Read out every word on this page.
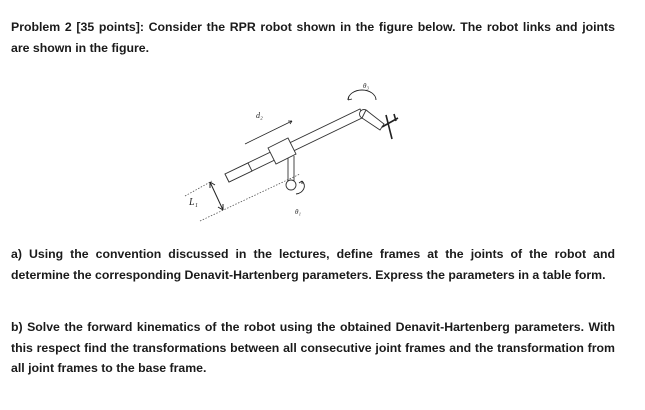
Problem 2 [35 points]: Consider the RPR robot shown in the figure below. The robot links and joints are shown in the figure.
d₂
θ₃
θ₁
L₁
a) Using the convention discussed in the lectures, define frames at the joints of the robot and determine the corresponding Denavit-Hartenberg parameters. Express the parameters in a table form.
b) Solve the forward kinematics of the robot using the obtained Denavit-Hartenberg parameters. With this respect find the transformations between all consecutive joint frames and the transformation from all joint frames to the base frame.
